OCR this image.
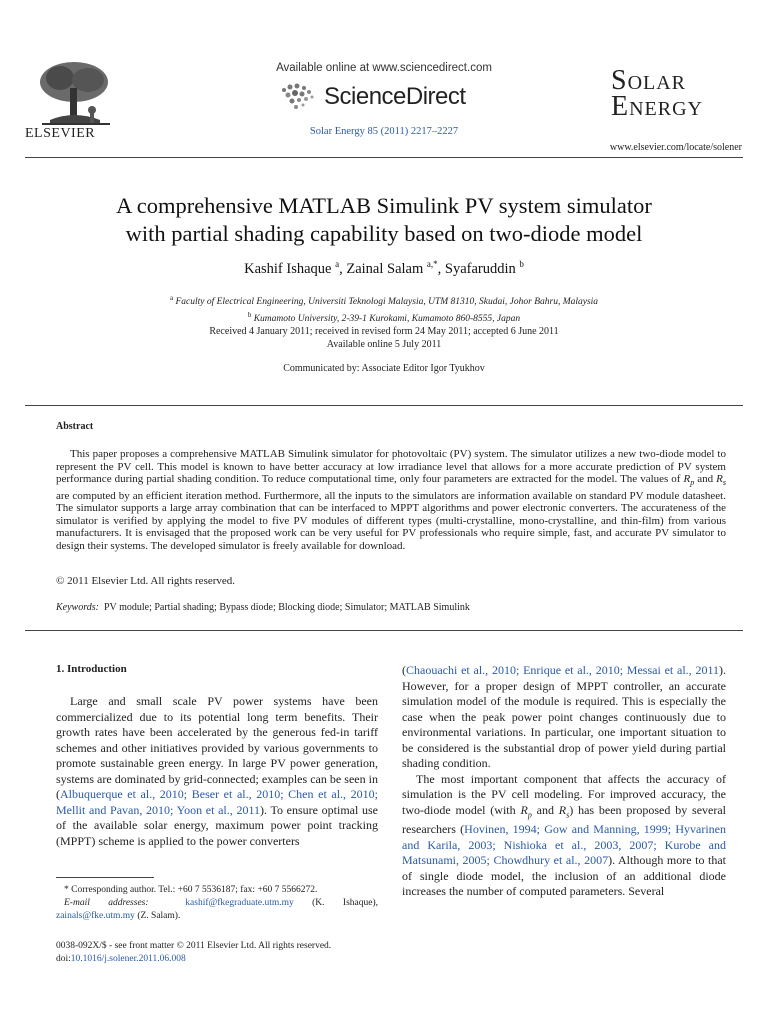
ELSEVIER
Available online at www.sciencedirect.com
ScienceDirect
Solar Energy 85 (2011) 2217–2227
Solar
Energy
www.elsevier.com/locate/solener
A comprehensive MATLAB Simulink PV system simulator
with partial shading capability based on two-diode model
Kashif Ishaque $^a$, Zainal Salam $^{a,*}$, Syafaruddin $^b$
$^a$ Faculty of Electrical Engineering, Universiti Teknologi Malaysia, UTM 81310, Skudai, Johor Bahru, Malaysia
$^b$ Kumamoto University, 2-39-1 Kurokami, Kumamoto 860-8555, Japan
Received 4 January 2011; received in revised form 24 May 2011; accepted 6 June 2011
Available online 5 July 2011
Communicated by: Associate Editor Igor Tyukhov
Abstract

This paper proposes a comprehensive MATLAB Simulink simulator for photovoltaic (PV) system. The simulator utilizes a new two-diode model to represent the PV cell. This model is known to have better accuracy at low irradiance level that allows for a more accurate prediction of PV system performance during partial shading condition. To reduce computational time, only four parameters are extracted for the model. The values of $R_p$ and $R_s$ are computed by an efficient iteration method. Furthermore, all the inputs to the simulators are information available on standard PV module datasheet. The simulator supports a large array combination that can be interfaced to MPPT algorithms and power electronic converters. The accurateness of the simulator is verified by applying the model to five PV modules of different types (multi-crystalline, mono-crystalline, and thin-film) from various manufacturers. It is envisaged that the proposed work can be very useful for PV professionals who require simple, fast, and accurate PV simulator to design their systems. The developed simulator is freely available for download.

© 2011 Elsevier Ltd. All rights reserved.
Keywords: PV module; Partial shading; Bypass diode; Blocking diode; Simulator; MATLAB Simulink
1. Introduction
Large and small scale PV power systems have been commercialized due to its potential long term benefits. Their growth rates have been accelerated by the generous fed-in tariff schemes and other initiatives provided by various governments to promote sustainable green energy. In large PV power generation, systems are dominated by grid-connected; examples can be seen in (Albuquerque et al., 2010; Beser et al., 2010; Chen et al., 2010; Mellit and Pavan, 2010; Yoon et al., 2011). To ensure optimal use of the available solar energy, maximum power point tracking (MPPT) scheme is applied to the power converters
* Corresponding author. Tel.: +60 7 5536187; fax: +60 7 5566272.
E-mail addresses:	kashif@fkegraduate.utm.my (K. Ishaque), zainals@fke.utm.my (Z. Salam).
0038-092X/$ - see front matter © 2011 Elsevier Ltd. All rights reserved.
doi:10.1016/j.solener.2011.06.008

(Chaouachi et al., 2010; Enrique et al., 2010; Messai et al., 2011). However, for a proper design of MPPT controller, an accurate simulation model of the module is required. This is especially the case when the peak power point changes continuously due to environmental variations. In particular, one important situation to be considered is the substantial drop of power yield during partial shading condition.

The most important component that affects the accuracy of simulation is the PV cell modeling. For improved accuracy, the two-diode model (with $R_p$ and $R_s$) has been proposed by several researchers (Hovinen, 1994; Gow and Manning, 1999; Hyvarinen and Karila, 2003; Nishioka et al., 2003, 2007; Kurobe and Matsunami, 2005; Chowdhury et al., 2007). Although more to that of single diode model, the inclusion of an additional diode increases the number of computed parameters. Several
